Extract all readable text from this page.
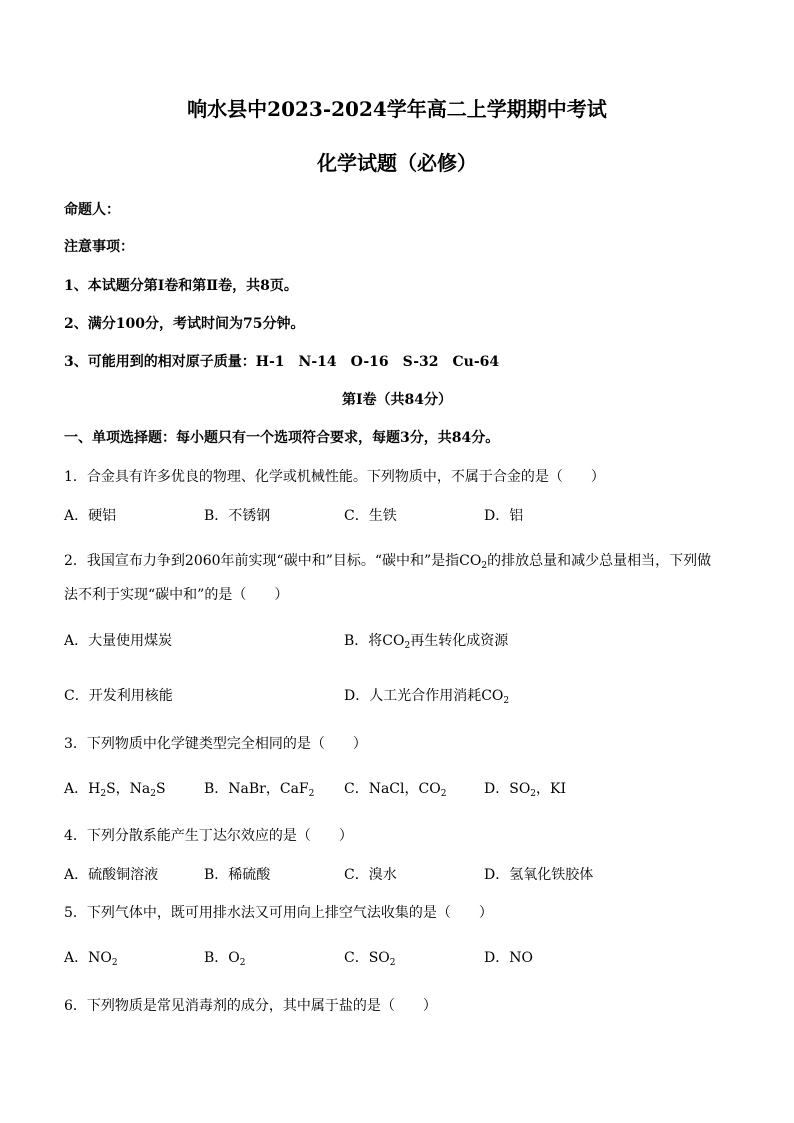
响水县中2023-2024学年高二上学期期中考试
化学试题（必修）
命题人：
注意事项：
1、本试题分第Ⅰ卷和第Ⅱ卷，共8页。
2、满分100分，考试时间为75分钟。
3、可能用到的相对原子质量：H-1　N-14　O-16　S-32　Cu-64
第Ⅰ卷（共84分）
一、单项选择题：每小题只有一个选项符合要求，每题3分，共84分。
1．合金具有许多优良的物理、化学或机械性能。下列物质中，不属于合金的是（　　）
A．硬铝	B．不锈钢	C．生铁	D．铝
2．我国宣布力争到2060年前实现“碳中和”目标。“碳中和”是指$CO_2$的排放总量和减少总量相当，下列做
法不利于实现“碳中和”的是（　　）
A．大量使用煤炭	B．将$CO_2$再生转化成资源
C．开发利用核能	D．人工光合作用消耗$CO_2$
3．下列物质中化学键类型完全相同的是（　　）
A．$H_2S$，$Na_2S$	B．NaBr，CaF$_2$ C．NaCl，$CO_2$	D．$SO_2$，KI
4．下列分散系能产生丁达尔效应的是（　　）
A．硫酸铜溶液	B．稀硫酸	C．溴水	D．氢氧化铁胶体
5．下列气体中，既可用排水法又可用向上排空气法收集的是（　　）
A．$NO_2$	B．$O_2$	C．$SO_2$	D．NO
6．下列物质是常见消毒剂的成分，其中属于盐的是（　　）
